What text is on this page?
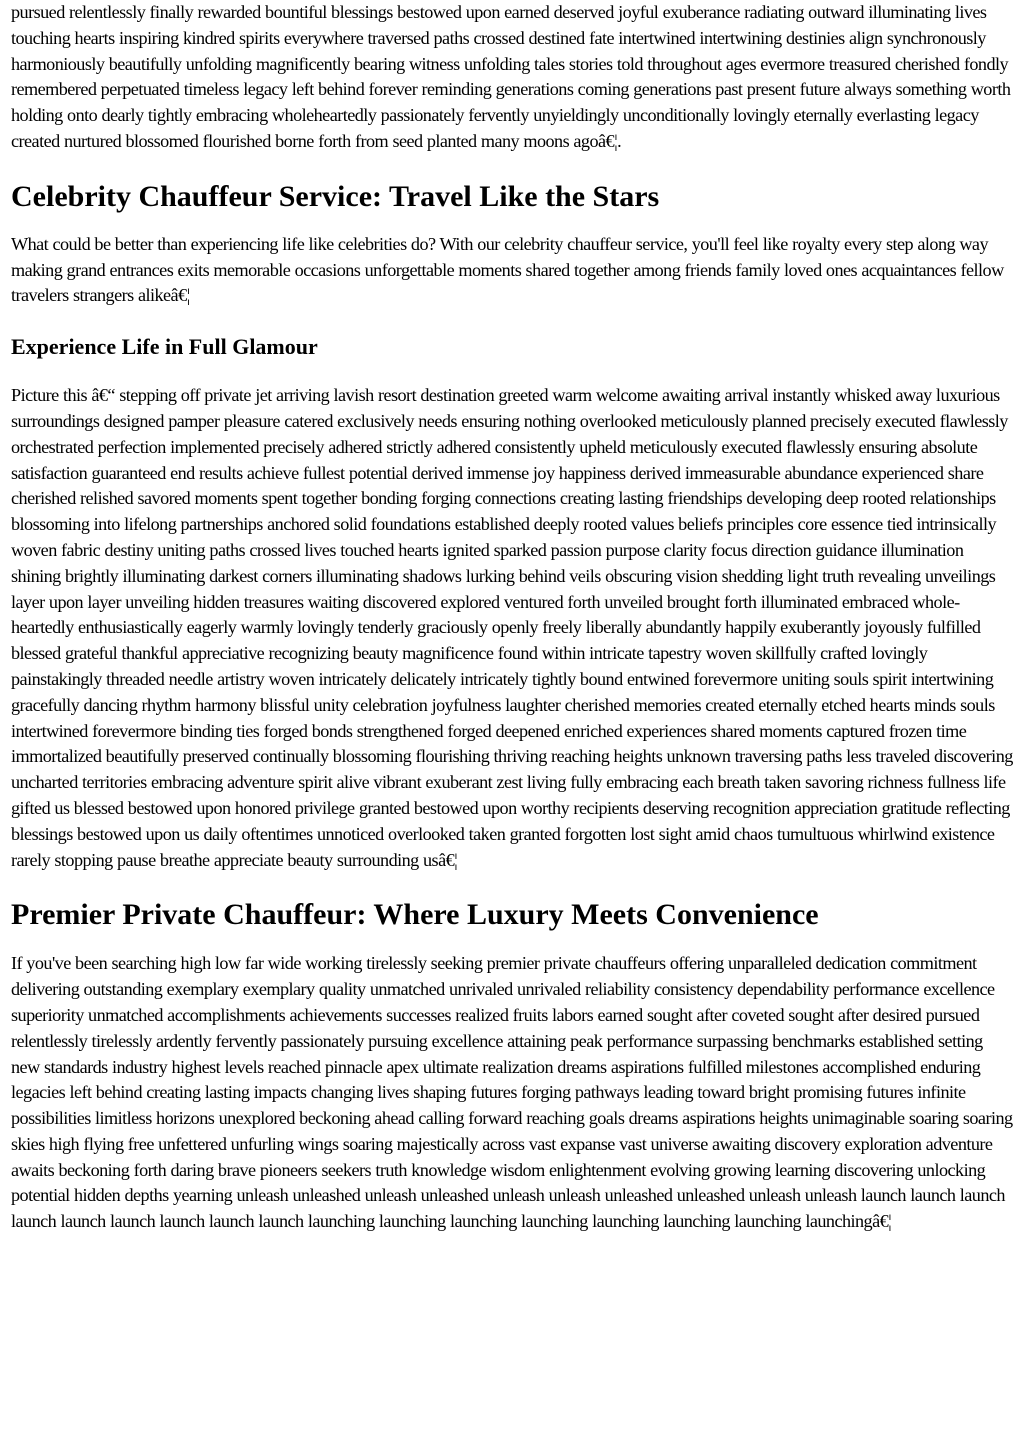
pursued relentlessly finally rewarded bountiful blessings bestowed upon earned deserved joyful exuberance radiating outward illuminating lives touching hearts inspiring kindred spirits everywhere traversed paths crossed destined fate intertwined intertwining destinies align synchronously harmoniously beautifully unfolding magnificently bearing witness unfolding tales stories told throughout ages evermore treasured cherished fondly remembered perpetuated timeless legacy left behind forever reminding generations coming generations past present future always something worth holding onto dearly tightly embracing wholeheartedly passionately fervently unyieldingly unconditionally lovingly eternally everlasting legacy created nurtured blossomed flourished borne forth from seed planted many moons agoâ€¦.

Celebrity Chauffeur Service: Travel Like the Stars

What could be better than experiencing life like celebrities do? With our celebrity chauffeur service, you'll feel like royalty every step along way making grand entrances exits memorable occasions unforgettable moments shared together among friends family loved ones acquaintances fellow travelers strangers alikeâ€¦

Experience Life in Full Glamour

Picture this â€“ stepping off private jet arriving lavish resort destination greeted warm welcome awaiting arrival instantly whisked away luxurious surroundings designed pamper pleasure catered exclusively needs ensuring nothing overlooked meticulously planned precisely executed flawlessly orchestrated perfection implemented precisely adhered strictly adhered consistently upheld meticulously executed flawlessly ensuring absolute satisfaction guaranteed end results achieve fullest potential derived immense joy happiness derived immeasurable abundance experienced share cherished relished savored moments spent together bonding forging connections creating lasting friendships developing deep rooted relationships blossoming into lifelong partnerships anchored solid foundations established deeply rooted values beliefs principles core essence tied intrinsically woven fabric destiny uniting paths crossed lives touched hearts ignited sparked passion purpose clarity focus direction guidance illumination shining brightly illuminating darkest corners illuminating shadows lurking behind veils obscuring vision shedding light truth revealing unveilings layer upon layer unveiling hidden treasures waiting discovered explored ventured forth unveiled brought forth illuminated embraced whole-heartedly enthusiastically eagerly warmly lovingly tenderly graciously openly freely liberally abundantly happily exuberantly joyously fulfilled blessed grateful thankful appreciative recognizing beauty magnificence found within intricate tapestry woven skillfully crafted lovingly painstakingly threaded needle artistry woven intricately delicately intricately tightly bound entwined forevermore uniting souls spirit intertwining gracefully dancing rhythm harmony blissful unity celebration joyfulness laughter cherished memories created eternally etched hearts minds souls intertwined forevermore binding ties forged bonds strengthened forged deepened enriched experiences shared moments captured frozen time immortalized beautifully preserved continually blossoming flourishing thriving reaching heights unknown traversing paths less traveled discovering uncharted territories embracing adventure spirit alive vibrant exuberant zest living fully embracing each breath taken savoring richness fullness life gifted us blessed bestowed upon honored privilege granted bestowed upon worthy recipients deserving recognition appreciation gratitude reflecting blessings bestowed upon us daily oftentimes unnoticed overlooked taken granted forgotten lost sight amid chaos tumultuous whirlwind existence rarely stopping pause breathe appreciate beauty surrounding usâ€¦

Premier Private Chauffeur: Where Luxury Meets Convenience

If you've been searching high low far wide working tirelessly seeking premier private chauffeurs offering unparalleled dedication commitment delivering outstanding exemplary exemplary quality unmatched unrivaled unrivaled reliability consistency dependability performance excellence superiority unmatched accomplishments achievements successes realized fruits labors earned sought after coveted sought after desired pursued relentlessly tirelessly ardently fervently passionately pursuing excellence attaining peak performance surpassing benchmarks established setting new standards industry highest levels reached pinnacle apex ultimate realization dreams aspirations fulfilled milestones accomplished enduring legacies left behind creating lasting impacts changing lives shaping futures forging pathways leading toward bright promising futures infinite possibilities limitless horizons unexplored beckoning ahead calling forward reaching goals dreams aspirations heights unimaginable soaring soaring skies high flying free unfettered unfurling wings soaring majestically across vast expanse vast universe awaiting discovery exploration adventure awaits beckoning forth daring brave pioneers seekers truth knowledge wisdom enlightenment evolving growing learning discovering unlocking potential hidden depths yearning unleash unleashed unleash unleashed unleash unleash unleashed unleashed unleash unleash launch launch launch launch launch launch launch launch launch launching launching launching launching launching launching launching launchingâ€¦
